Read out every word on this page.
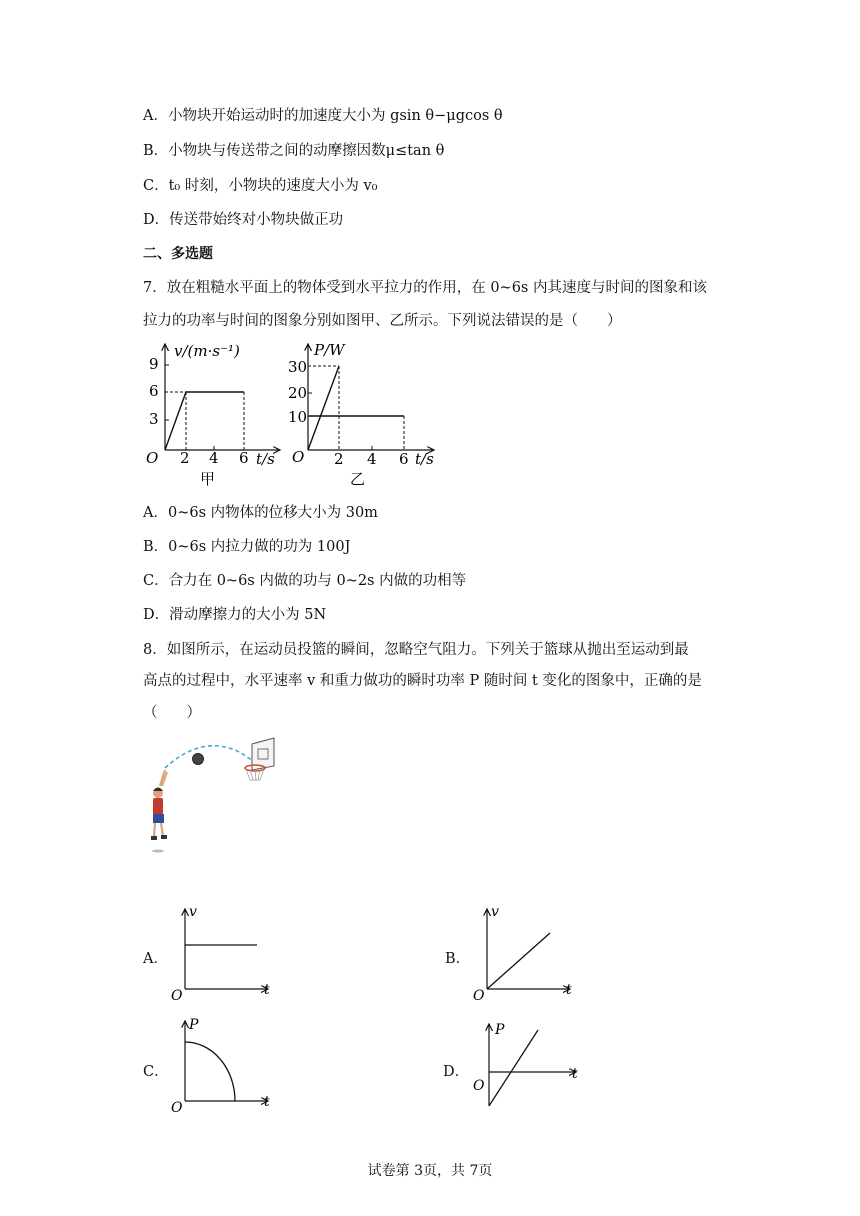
A．小物块开始运动时的加速度大小为 gsin θ−μgcos θ
B．小物块与传送带之间的动摩擦因数μ≤tan θ
C．t₀ 时刻，小物块的速度大小为 v₀
D．传送带始终对小物块做正功
二、多选题
7．放在粗糙水平面上的物体受到水平拉力的作用，在 0~6s 内其速度与时间的图象和该
拉力的功率与时间的图象分别如图甲、乙所示。下列说法错误的是（　　）
v/(m·s⁻¹)
t/s
O
9
6
3
2 4 6
甲
P/W
t/s
O
30
20
10
2 4 6
乙
A．0~6s 内物体的位移大小为 30m
B．0~6s 内拉力做的功为 100J
C．合力在 0~6s 内做的功与 0~2s 内做的功相等
D．滑动摩擦力的大小为 5N
8．如图所示，在运动员投篮的瞬间，忽略空气阻力。下列关于篮球从抛出至运动到最
高点的过程中，水平速率 v 和重力做功的瞬时功率 P 随时间 t 变化的图象中，正确的是
（　　）
A．
v
t
O
B．
v
t
O
C．
P
t
O
D．
P
t
O
试卷第 3页，共 7页
